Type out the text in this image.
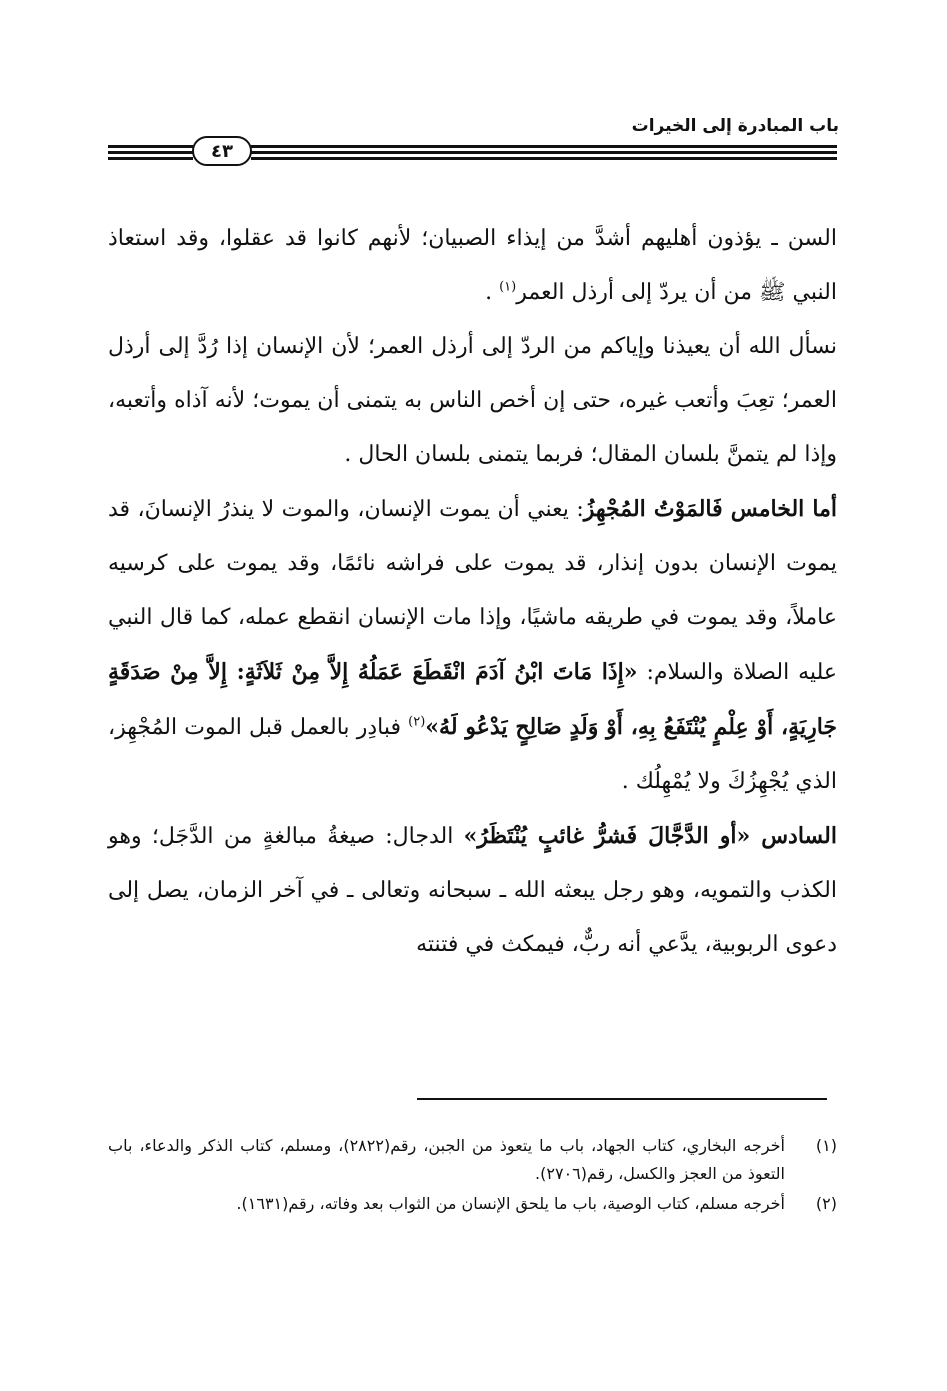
باب المبادرة إلى الخيرات
٤٣

السن ـ يؤذون أهليهم أشدَّ من إيذاء الصبيان؛ لأنهم كانوا قد عقلوا، وقد استعاذ النبي ﷺ من أن يردّ إلى أرذل العمر$^{(١)}$ .

نسأل الله أن يعيذنا وإياكم من الردّ إلى أرذل العمر؛ لأن الإنسان إذا رُدَّ إلى أرذل العمر؛ تعِبَ وأتعب غيره، حتى إن أخص الناس به يتمنى أن يموت؛ لأنه آذاه وأتعبه، وإذا لم يتمنَّ بلسان المقال؛ فربما يتمنى بلسان الحال .

أما الخامس فَالمَوْتُ المُجْهِزُ: يعني أن يموت الإنسان، والموت لا ينذرُ الإنسانَ، قد يموت الإنسان بدون إنذار، قد يموت على فراشه نائمًا، وقد يموت على كرسيه عاملاً، وقد يموت في طريقه ماشيًا، وإذا مات الإنسان انقطع عمله، كما قال النبي عليه الصلاة والسلام: «إِذَا مَاتَ ابْنُ آدَمَ انْقَطَعَ عَمَلُهُ إِلاَّ مِنْ ثَلاَثَةٍ: إِلاَّ مِنْ صَدَقَةٍ جَارِيَةٍ، أَوْ عِلْمٍ يُنْتَفَعُ بِهِ، أَوْ وَلَدٍ صَالِحٍ يَدْعُو لَهُ»$^{(٢)}$ فبادِر بالعمل قبل الموت المُجْهِز، الذي يُجْهِزُكَ ولا يُمْهِلُك .

السادس «أو الدَّجَّالَ فَشرُّ غائبٍ يُنْتَظَرُ» الدجال: صيغةُ مبالغةٍ من الدَّجَل؛ وهو الكذب والتمويه، وهو رجل يبعثه الله ـ سبحانه وتعالى ـ في آخر الزمان، يصل إلى دعوى الربوبية، يدَّعي أنه ربٌّ، فيمكث في فتنته

(١)
أخرجه البخاري، كتاب الجهاد، باب ما يتعوذ من الجبن، رقم(٢٨٢٢)، ومسلم، كتاب الذكر والدعاء، باب التعوذ من العجز والكسل، رقم(٢٧٠٦).
(٢)
أخرجه مسلم، كتاب الوصية، باب ما يلحق الإنسان من الثواب بعد وفاته، رقم(١٦٣١).
